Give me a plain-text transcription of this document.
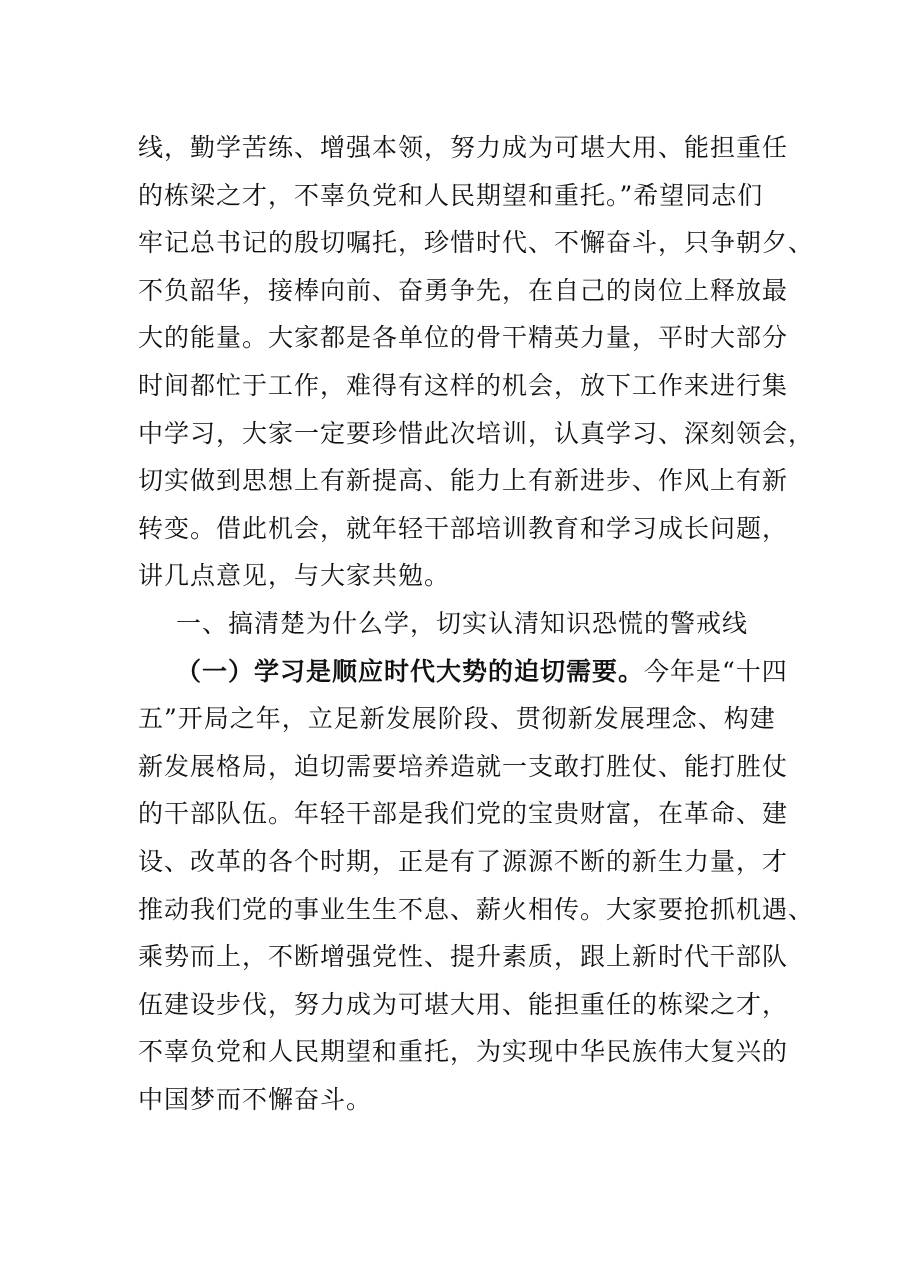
线，勤学苦练、增强本领，努力成为可堪大用、能担重任
的栋梁之才，不辜负党和人民期望和重托。”希望同志们
牢记总书记的殷切嘱托，珍惜时代、不懈奋斗，只争朝夕、
不负韶华，接棒向前、奋勇争先，在自己的岗位上释放最
大的能量。大家都是各单位的骨干精英力量，平时大部分
时间都忙于工作，难得有这样的机会，放下工作来进行集
中学习，大家一定要珍惜此次培训，认真学习、深刻领会，
切实做到思想上有新提高、能力上有新进步、作风上有新
转变。借此机会，就年轻干部培训教育和学习成长问题，
讲几点意见，与大家共勉。
一、搞清楚为什么学，切实认清知识恐慌的警戒线
（一）学习是顺应时代大势的迫切需要。今年是“十四
五”开局之年，立足新发展阶段、贯彻新发展理念、构建
新发展格局，迫切需要培养造就一支敢打胜仗、能打胜仗
的干部队伍。年轻干部是我们党的宝贵财富，在革命、建
设、改革的各个时期，正是有了源源不断的新生力量，才
推动我们党的事业生生不息、薪火相传。大家要抢抓机遇、
乘势而上，不断增强党性、提升素质，跟上新时代干部队
伍建设步伐，努力成为可堪大用、能担重任的栋梁之才，
不辜负党和人民期望和重托，为实现中华民族伟大复兴的
中国梦而不懈奋斗。
